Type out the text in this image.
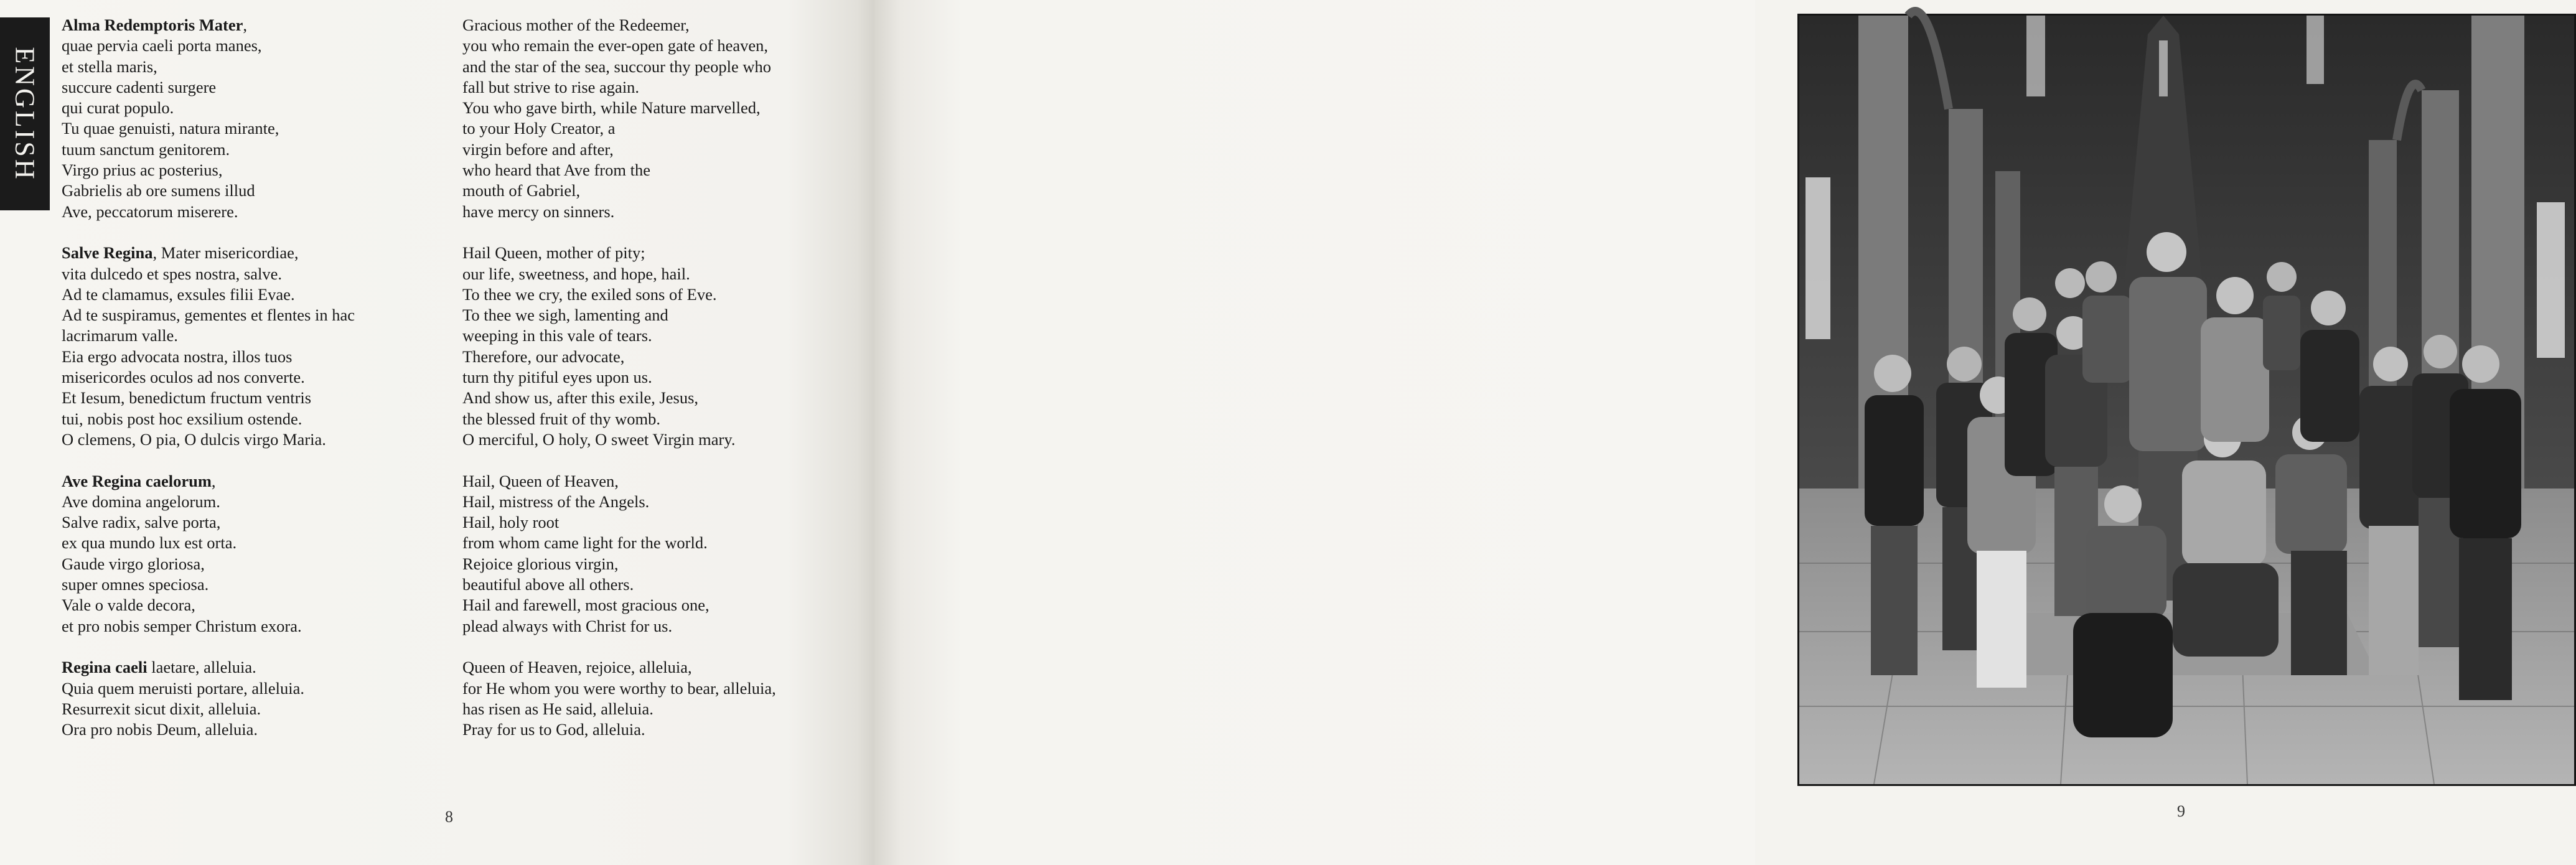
ENGLISH
Alma Redemptoris Mater,
quae pervia caeli porta manes,
et stella maris,
succure cadenti surgere
qui curat populo.
Tu quae genuisti, natura mirante,
tuum sanctum genitorem.
Virgo prius ac posterius,
Gabrielis ab ore sumens illud
Ave, peccatorum miserere.
Salve Regina, Mater misericordiae,
vita dulcedo et spes nostra, salve.
Ad te clamamus, exsules filii Evae.
Ad te suspiramus, gementes et flentes in hac
lacrimarum valle.
Eia ergo advocata nostra, illos tuos
misericordes oculos ad nos converte.
Et Iesum, benedictum fructum ventris
tui, nobis post hoc exsilium ostende.
O clemens, O pia, O dulcis virgo Maria.
Ave Regina caelorum,
Ave domina angelorum.
Salve radix, salve porta,
ex qua mundo lux est orta.
Gaude virgo gloriosa,
super omnes speciosa.
Vale o valde decora,
et pro nobis semper Christum exora.
Regina caeli laetare, alleluia.
Quia quem meruisti portare, alleluia.
Resurrexit sicut dixit, alleluia.
Ora pro nobis Deum, alleluia.
Gracious mother of the Redeemer,
you who remain the ever-open gate of heaven,
and the star of the sea, succour thy people who
fall but strive to rise again.
You who gave birth, while Nature marvelled,
to your Holy Creator, a
virgin before and after,
who heard that Ave from the
mouth of Gabriel,
have mercy on sinners.
Hail Queen, mother of pity;
our life, sweetness, and hope, hail.
To thee we cry, the exiled sons of Eve.
To thee we sigh, lamenting and
weeping in this vale of tears.
Therefore, our advocate,
turn thy pitiful eyes upon us.
And show us, after this exile, Jesus,
the blessed fruit of thy womb.
O merciful, O holy, O sweet Virgin mary.
Hail, Queen of Heaven,
Hail, mistress of the Angels.
Hail, holy root
from whom came light for the world.
Rejoice glorious virgin,
beautiful above all others.
Hail and farewell, most gracious one,
plead always with Christ for us.
Queen of Heaven, rejoice, alleluia,
for He whom you were worthy to bear, alleluia,
has risen as He said, alleluia.
Pray for us to God, alleluia.
8	9
